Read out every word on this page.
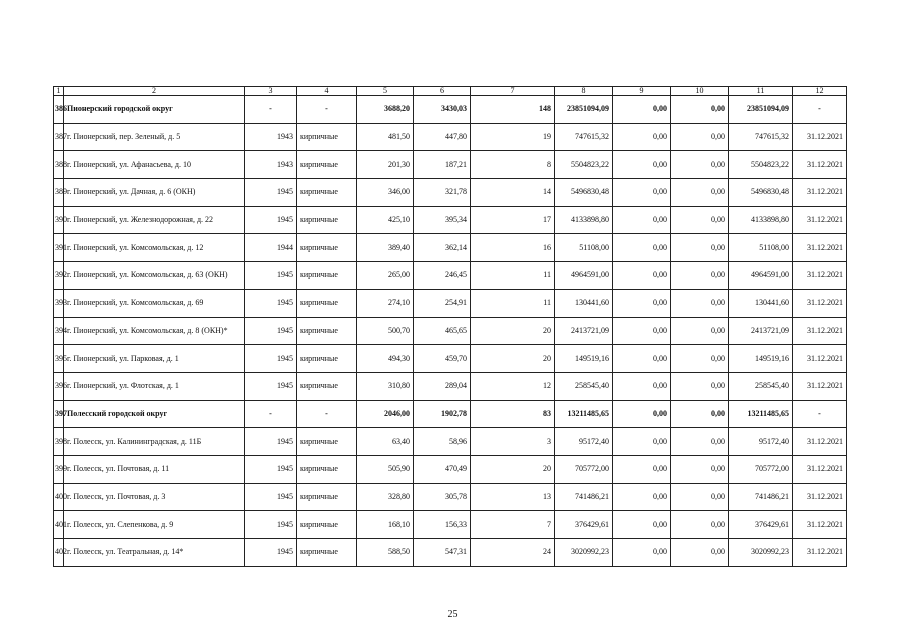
1	2	3	4	5	6	7	8	9	10	11	12
386	Пионерский городской округ	-	-	3688,20	3430,03	148	23851094,09	0,00	0,00	23851094,09	-
387	г. Пионерский, пер. Зеленый, д. 5	1943	кирпичные	481,50	447,80	19	747615,32	0,00	0,00	747615,32	31.12.2021
388	г. Пионерский, ул. Афанасьева, д. 10	1943	кирпичные	201,30	187,21	8	5504823,22	0,00	0,00	5504823,22	31.12.2021
389	г. Пионерский, ул. Дачная, д. 6 (ОКН)	1945	кирпичные	346,00	321,78	14	5496830,48	0,00	0,00	5496830,48	31.12.2021
390	г. Пионерский, ул. Железнодорожная, д. 22	1945	кирпичные	425,10	395,34	17	4133898,80	0,00	0,00	4133898,80	31.12.2021
391	г. Пионерский, ул. Комсомольская, д. 12	1944	кирпичные	389,40	362,14	16	51108,00	0,00	0,00	51108,00	31.12.2021
392	г. Пионерский, ул. Комсомольская, д. 63 (ОКН)	1945	кирпичные	265,00	246,45	11	4964591,00	0,00	0,00	4964591,00	31.12.2021
393	г. Пионерский, ул. Комсомольская, д. 69	1945	кирпичные	274,10	254,91	11	130441,60	0,00	0,00	130441,60	31.12.2021
394	г. Пионерский, ул. Комсомольская, д. 8 (ОКН)*	1945	кирпичные	500,70	465,65	20	2413721,09	0,00	0,00	2413721,09	31.12.2021
395	г. Пионерский, ул. Парковая, д. 1	1945	кирпичные	494,30	459,70	20	149519,16	0,00	0,00	149519,16	31.12.2021
396	г. Пионерский, ул. Флотская, д. 1	1945	кирпичные	310,80	289,04	12	258545,40	0,00	0,00	258545,40	31.12.2021
397	Полесский городской округ	-	-	2046,00	1902,78	83	13211485,65	0,00	0,00	13211485,65	-
398	г. Полесск, ул. Калининградская, д. 11Б	1945	кирпичные	63,40	58,96	3	95172,40	0,00	0,00	95172,40	31.12.2021
399	г. Полесск, ул. Почтовая, д. 11	1945	кирпичные	505,90	470,49	20	705772,00	0,00	0,00	705772,00	31.12.2021
400	г. Полесск, ул. Почтовая, д. 3	1945	кирпичные	328,80	305,78	13	741486,21	0,00	0,00	741486,21	31.12.2021
401	г. Полесск, ул. Слепенкова, д. 9	1945	кирпичные	168,10	156,33	7	376429,61	0,00	0,00	376429,61	31.12.2021
402	г. Полесск, ул. Театральная, д. 14*	1945	кирпичные	588,50	547,31	24	3020992,23	0,00	0,00	3020992,23	31.12.2021
25
